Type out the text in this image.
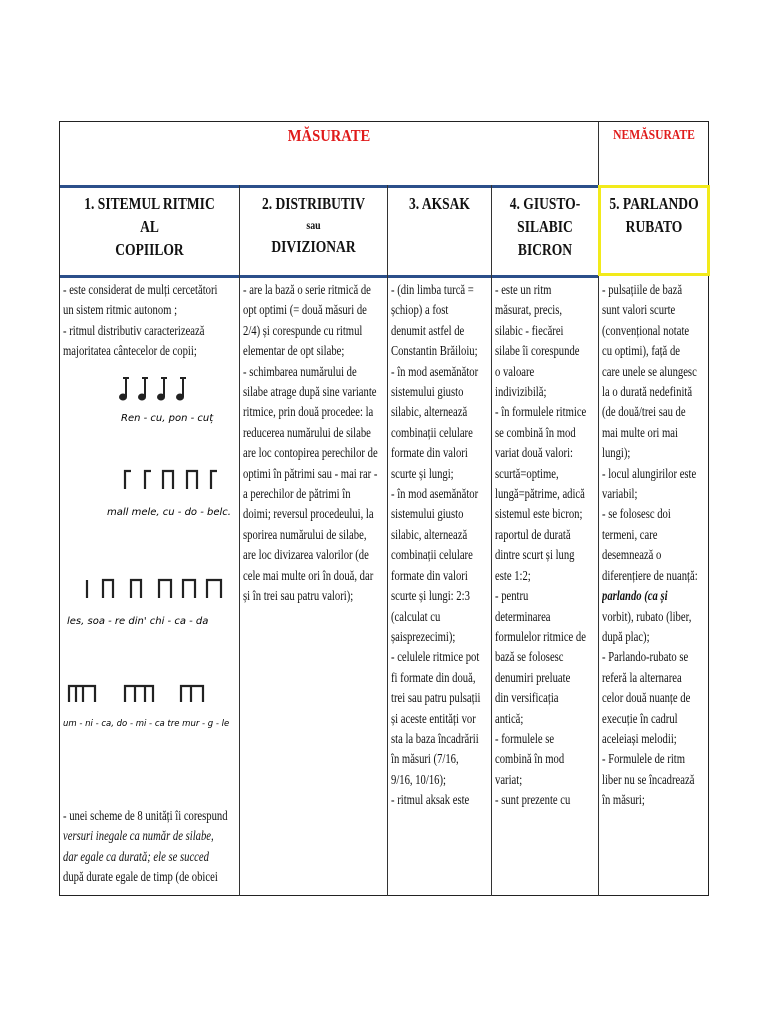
MĂSURATE	NEMĂSURATE
1. SITEMUL RITMIC AL
COPIILOR
2. DISTRIBUTIV
sau
DIVIZIONAR
3. AKSAK	4. GIUSTO-
SILABIC
BICRON
5. PARLANDO
RUBATO

- este considerat de mulți cercetători

un sistem ritmic autonom ;

- ritmul distributiv caracterizează

majoritatea cântecelor de copii;

Ren - cu, pon - cuț
mall mele, cu - do - belc.
les, soa - re din' chi - ca - da
um - ni - ca, do - mi - ca tre mur - g - le

- unei scheme de 8 unități îi corespund

versuri inegale ca număr de silabe,

dar egale ca durată; ele se succed

după durate egale de timp (de obicei

- are la bază o serie ritmică de

opt optimi (= două măsuri de

2/4) și corespunde cu ritmul

elementar de opt silabe;

- schimbarea numărului de

silabe atrage după sine variante

ritmice, prin două procedee: la

reducerea numărului de silabe

are loc contopirea perechilor de

optimi în pătrimi sau - mai rar -

a perechilor de pătrimi în

doimi; reversul procedeului, la

sporirea numărului de silabe,

are loc divizarea valorilor (de

cele mai multe ori în două, dar

și în trei sau patru valori);

- (din limba turcă =

șchiop) a fost

denumit astfel de

Constantin Brăiloiu;

- în mod asemănător

sistemului giusto

silabic, alternează

combinații celulare

formate din valori

scurte și lungi;

- în mod asemănător

sistemului giusto

silabic, alternează

combinații celulare

formate din valori

scurte și lungi: 2:3

(calculat cu

șaisprezecimi);

- celulele ritmice pot

fi formate din două,

trei sau patru pulsații

și aceste entități vor

sta la baza încadrării

în măsuri (7/16,

9/16, 10/16);

- ritmul aksak este

- este un ritm

măsurat, precis,

silabic - fiecărei

silabe îi corespunde

o valoare

indivizibilă;

- în formulele ritmice

se combină în mod

variat două valori:

scurtă=optime,

lungă=pătrime, adică

sistemul este bicron;

raportul de durată

dintre scurt și lung

este 1:2;

- pentru

determinarea

formulelor ritmice de

bază se folosesc

denumiri preluate

din versificația

antică;

- formulele se

combină în mod

variat;

- sunt prezente cu

- pulsațiile de bază

sunt valori scurte

(convențional notate

cu optimi), față de

care unele se alungesc

la o durată nedefinită

(de două/trei sau de

mai multe ori mai

lungi);

- locul alungirilor este

variabil;

- se folosesc doi

termeni, care

desemnează o

diferențiere de nuanță:

parlando (ca și

vorbit), rubato (liber,

după plac);

- Parlando-rubato se

referă la alternarea

celor două nuanțe de

execuție în cadrul

aceleiași melodii;

- Formulele de ritm

liber nu se încadrează

în măsuri;
